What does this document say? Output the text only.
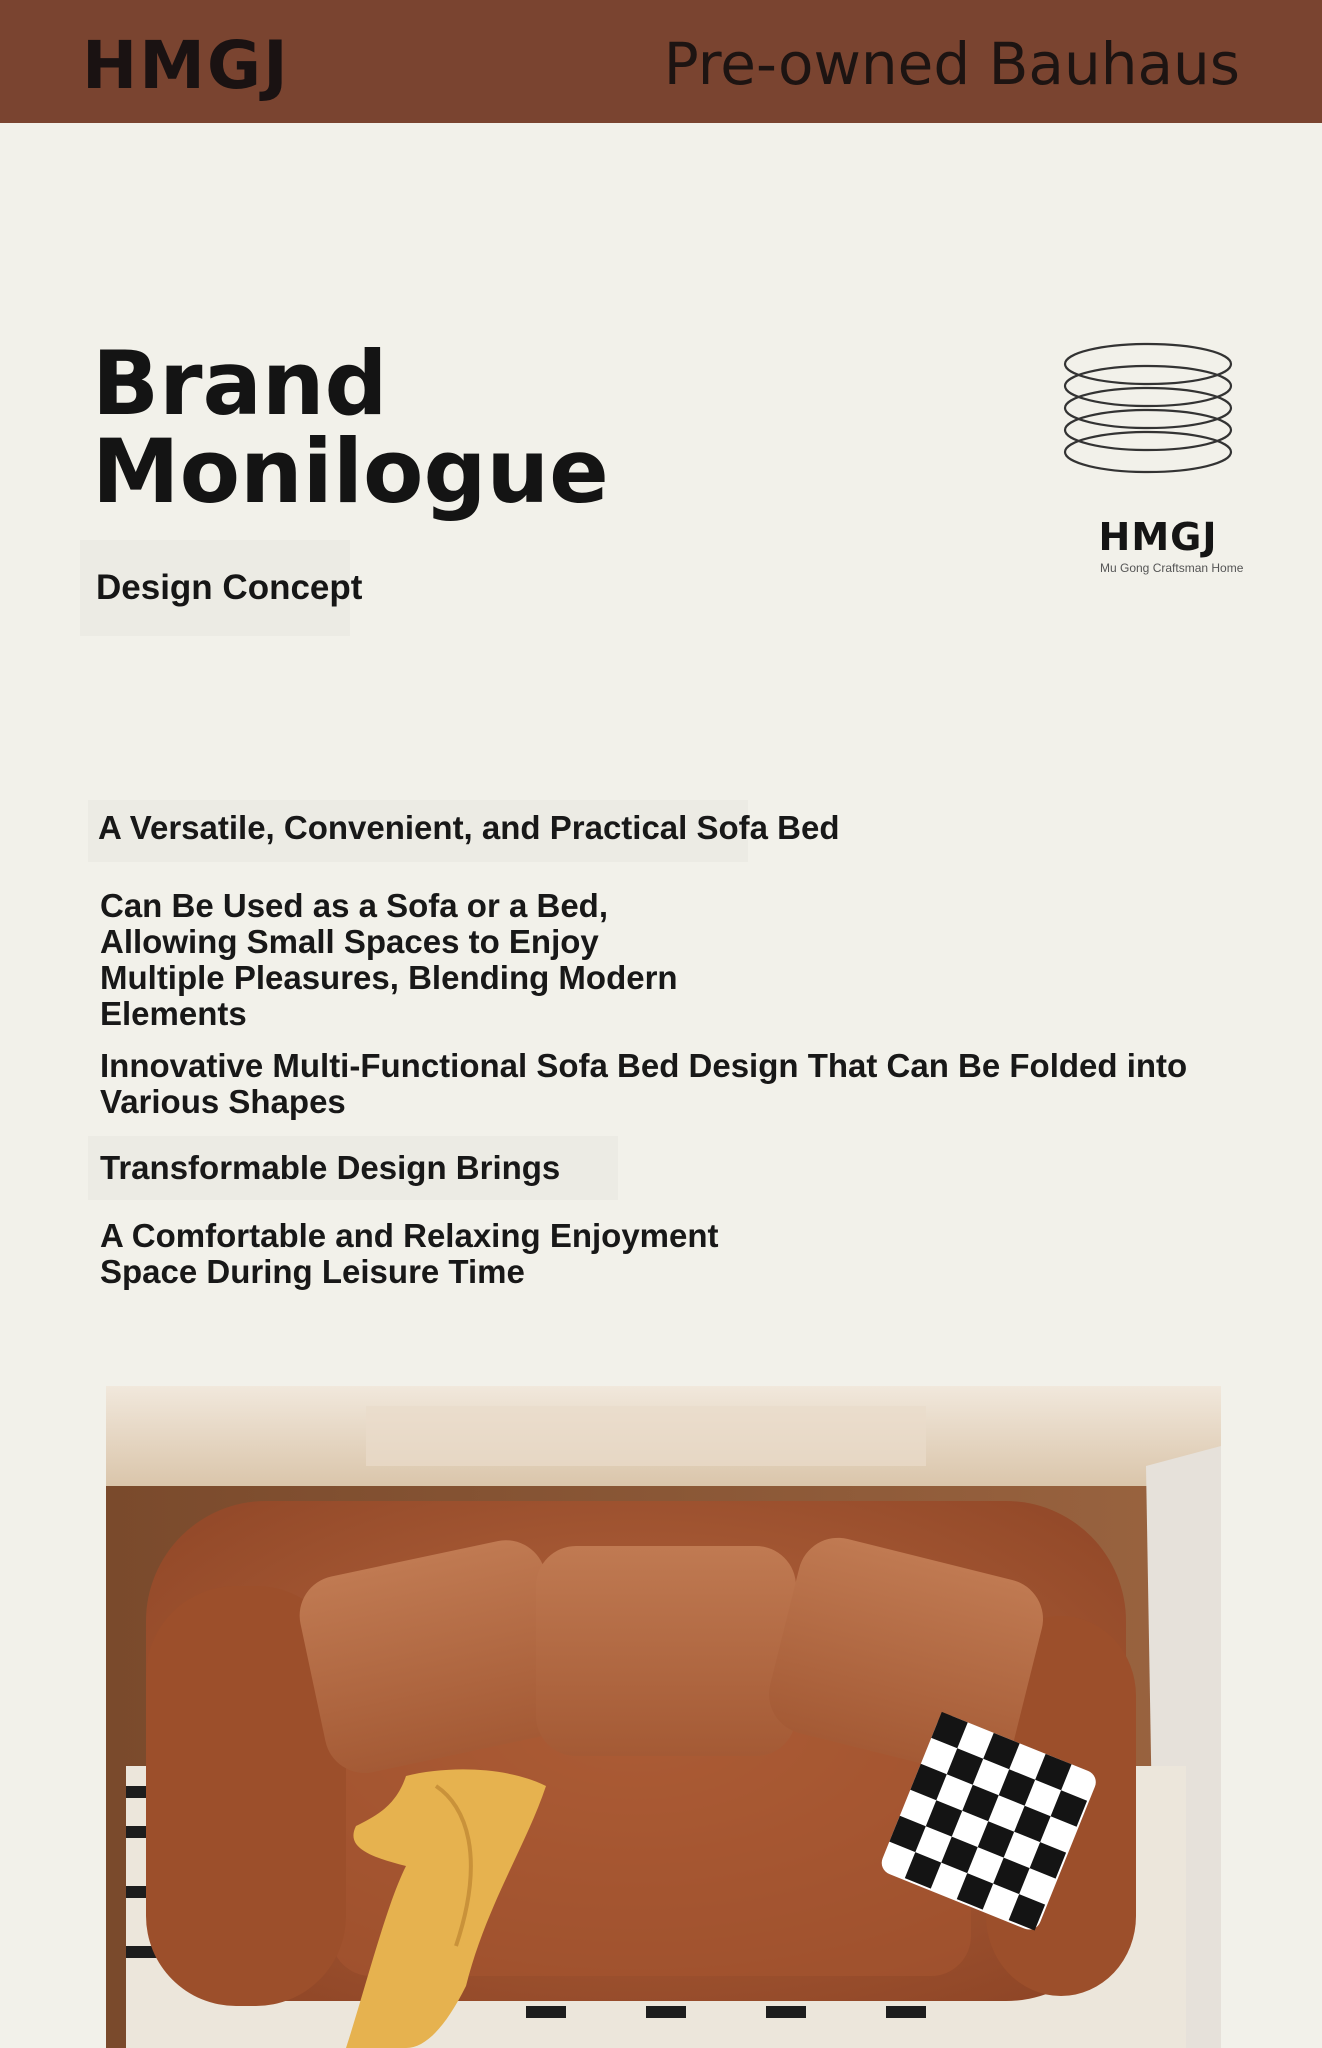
HMGJ	Pre-owned Bauhaus
Brand
Monilogue
Design Concept
HMGJ
Mu Gong Craftsman Home
A Versatile, Convenient, and Practical Sofa Bed
Can Be Used as a Sofa or a Bed,
Allowing Small Spaces to Enjoy
Multiple Pleasures, Blending Modern
Elements
Innovative Multi-Functional Sofa Bed Design That Can Be Folded into
Various Shapes
Transformable Design Brings
A Comfortable and Relaxing Enjoyment
Space During Leisure Time
